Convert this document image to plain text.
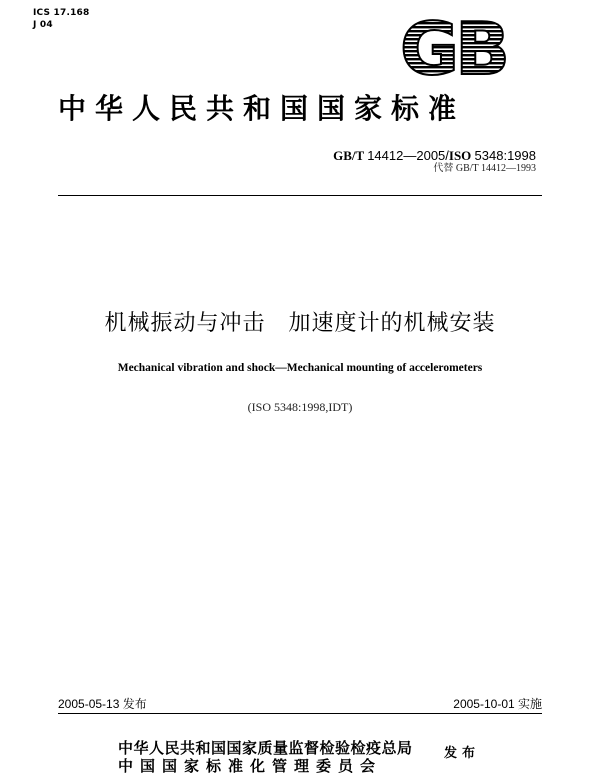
ICS 17.168
J 04	GB
中华人民共和国国家标准
GB/T 14412—2005/ISO 5348:1998
代替 GB/T 14412—1993
机械振动与冲击　加速度计的机械安装
Mechanical vibration and shock—Mechanical mounting of accelerometers
(ISO 5348:1998,IDT)
2005-05-13 发布	2005-10-01 实施
中华人民共和国国家质量监督检验检疫总局
中国国家标准化管理委员会
发布
